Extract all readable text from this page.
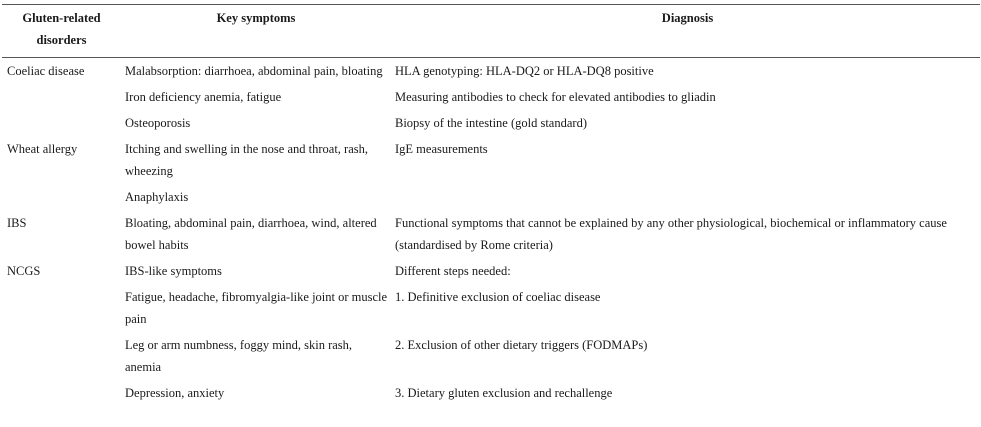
Gluten-related disorders	Key symptoms	Diagnosis
Coeliac disease	Malabsorption: diarrhoea, abdominal pain, bloating	HLA genotyping: HLA-DQ2 or HLA-DQ8 positive
	Iron deficiency anemia, fatigue	Measuring antibodies to check for elevated antibodies to gliadin
	Osteoporosis	Biopsy of the intestine (gold standard)
Wheat allergy	Itching and swelling in the nose and throat, rash, wheezing	IgE measurements
	Anaphylaxis	
IBS	Bloating, abdominal pain, diarrhoea, wind, altered bowel habits	Functional symptoms that cannot be explained by any other physiological, biochemical or inflammatory cause (standardised by Rome criteria)
NCGS	IBS-like symptoms	Different steps needed:
	Fatigue, headache, fibromyalgia-like joint or muscle pain	1. Definitive exclusion of coeliac disease
	Leg or arm numbness, foggy mind, skin rash, anemia	2. Exclusion of other dietary triggers (FODMAPs)
	Depression, anxiety	3. Dietary gluten exclusion and rechallenge
